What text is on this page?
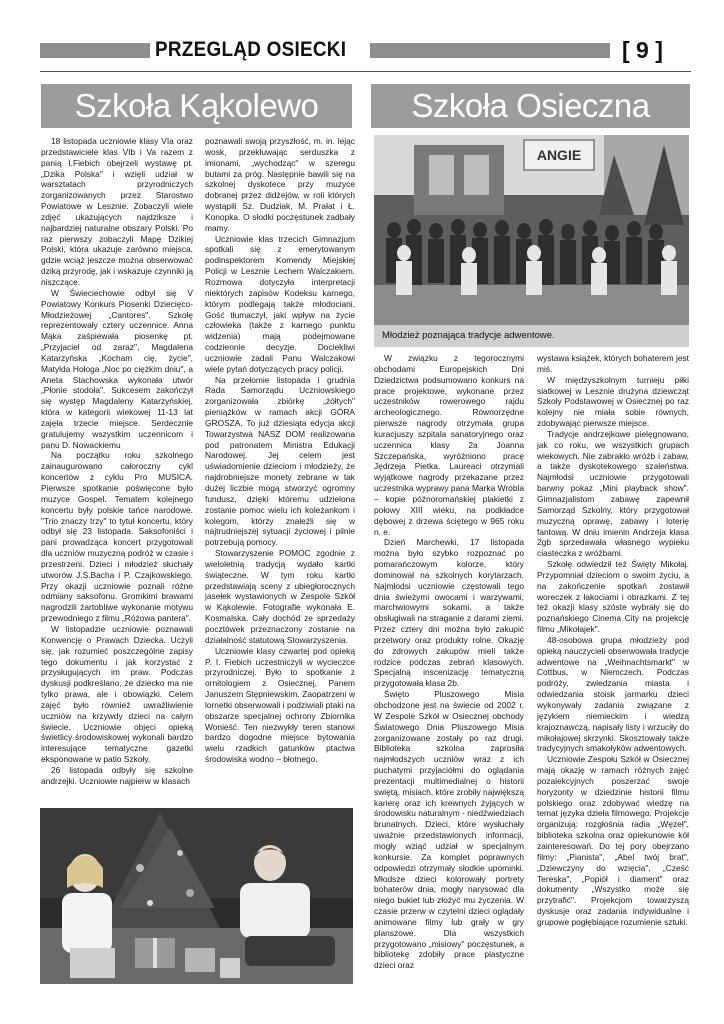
PRZEGLĄD OSIECKI	[ 9 ]
Szkoła Kąkolewo

18 listopada uczniowie klasy VIa oraz przedstawiciele klas VIb i Va razem z panią I.Fiebich obejrzeli wystawę pt. „Dzika Polska" i wzięli udział w warsztatach przyrodniczych zorganizowanych przez Starostwo Powiatowe w Lesznie. Zobaczyli wiele zdjęć ukazujących najdziksze i najbardziej naturalne obszary Polski. Po raz pierwszy zobaczyli Mapę Dzikiej Polski, która ukazuje zarówno miejsca, gdzie wciąż jeszcze można obserwować dziką przyrodę, jak i wskazuje czynniki ją niszczące.

W Świeciechowie odbył się V Powiatowy Konkurs Piosenki Dziecięco-Młodzieżowej „Cantores". Szkołę reprezentowały cztery uczennice. Anna Mąka zaśpiewała piosenkę pt. „Przyjaciel od zaraz", Magdalena Katarzyńska „Kocham cię, życie", Matylda Hołoga „Noc po ciężkim dniu", a Aneta Stachowska wykonała utwór „Płonie stodoła". Sukcesem zakończył się występ Magdaleny Katarzyńskiej, która w kategorii wiekowej 11-13 lat zajęła trzecie miejsce. Serdecznie gratulujemy wszystkim uczennicom i panu D. Nowackiemu

Na początku roku szkolnego zainaugurowano całoroczny cykl koncertów z cyklu Pro MUSICA. Pierwsze spotkanie poświęcone było muzyce Gospel. Tematem kolejnego koncertu były polskie tańce narodowe. "Trio znaczy trzy" to tytuł koncertu, który odbył się 23 listopada. Saksofoniści i pani prowadząca koncert przygotowali dla uczniów muzyczną podróż w czasie i przestrzeni. Dzieci i młodzież słuchały utworów J.S.Bacha i P. Czajkowskiego. Przy okazji uczniowie poznali różne odmiany saksofonu. Gromkimi brawami nagrodzili żartobliwe wykonanie motywu przewodniego z filmu „Różowa pantera".

W listopadzie uczniowie poznawali Konwencję o Prawach Dziecka. Uczyli się, jak rozumieć poszczególne zapisy tego dokumentu i jak korzystać z przysługujących im praw. Podczas dyskusji podkreślano, że dziecko ma nie tylko prawa, ale i obowiązki. Celem zajęć było również uwrażliwienie uczniów na krzywdy dzieci na całym świecie. Uczniowie objęci opieką świetlicy środowiskowej wykonali bardzo interesujące tematyczne gazetki eksponowane w patio Szkoły.

26 listopada odbyły się szkolne andrzejki. Uczniowie najpierw w klasach

poznawali swoją przyszłość, m. in. lejąc wosk, przekłuwając serduszka z imionami, „wychodząc" w szeregu butami za próg. Następnie bawili się na szkolnej dyskotece przy muzyce dobranej przez didżejów, w roli których wystąpili Sz. Dudziak, M. Prałat i Ł. Konopka. O słodki poczęstunek zadbały mamy.

Uczniowie klas trzecich Gimnazjum spotkali się z emerytowanym podinspektorem Komendy Miejskiej Policji w Lesznie Lechem Walczakiem. Rozmowa dotyczyła interpretacji niektórych zapisów Kodeksu karnego, którym podlegają także młodociani. Gość tłumaczył, jaki wpływ na życie człowieka (także z karnego punktu widzenia) mają podejmowane codziennie decyzje. Dociekliwi uczniowie zadali Panu Walczakowi wiele pytań dotyczących pracy policji.

Na przełomie listopada i grudnia Rada Samorządu Uczniowskiego zorganizowała zbiórkę „żółtych" pieniążków w ramach akcji GÓRA GROSZA. To już dziesiąta edycja akcji Towarzystwa NASZ DOM realizowana pod patronatem Ministra Edukacji Narodowej. Jej celem jest uświadomienie dzieciom i młodzieży, że najdrobniejsze monety zebrane w tak dużej liczbie mogą stworzyć ogromny fundusz, dzięki któremu udzielona zostanie pomoc wielu ich koleżankom i kolegom, którzy znaleźli się w najtrudniejszej sytuacji życiowej i pilnie potrzebują pomocy.

Stowarzyszenie POMOC zgodnie z wieloletnią tradycją wydało kartki świąteczne. W tym roku kartki przedstawiają sceny z ubiegłorocznych jasełek wystawionych w Zespole Szkół w Kąkolewie. Fotografie wykonała E. Kosmalska. Cały dochód ze sprzedaży pocztówek przeznaczony zostanie na działalność statutową Stowarzyszenia.

Uczniowie klasy czwartej pod opieką P. I. Fiebich uczestniczyli w wycieczce przyrodniczej. Było to spotkanie z ornitologiem z Osiecznej, Panem Januszem Stępniewskim. Zaopatrzeni w lornetki obserwowali i podziwiali ptaki na obszarze specjalnej ochrony Zbiornika Wonieść. Ten niezwykły teren stanowi bardzo dogodne miejsce bytowania wielu rzadkich gatunków ptactwa środowiska wodno – błotnego.

Szkoła Osieczna
ANGIE
Młodzież poznająca tradycje adwentowe.

W związku z tegorocznymi obchodami Europejskich Dni Dziedzictwa podsumowano konkurs na prace projektowe, wykonane przez uczestników rowerowego rajdu archeologicznego. Równorzędne pierwsze nagrody otrzymała grupa kuracjuszy szpitala sanatoryjnego oraz uczennica klasy 2a Joanna Szczepańska, wyróżniono pracę Jędrzeja Pietka. Laureaci otrzymali wyjątkowe nagrody przekazane przez uczestnika wyprawy pana Marka Wróbla – kopie późnoromańskiej plakietki z połowy XIII wieku, na podkładce dębowej z drzewa ściętego w 965 roku n. e.

Dzień Marchewki, 17 listopada można było szybko rozpoznać po pomarańczowym kolorze, który dominował na szkolnych korytarzach. Najmłodsi uczniowie częstowali tego dnia świeżymi owocami i warzywami, marchwiowymi sokami, a także obsługiwali na straganie z darami ziemi. Przez cztery dni można było zakupić przetwory oraz produkty rolne. Okazję do zdrowych zakupów mieli także rodzice podczas zebrań klasowych. Specjalną inscenizację tematyczną przygotowała klasa 2b.

Święto Pluszowego Misia obchodzone jest na świecie od 2002 r. W Zespole Szkół w Osiecznej obchody Światowego Dnia Pluszowego Misia zorganizowane zostały po raz drugi. Biblioteka szkolna zaprosiła najmłodszych uczniów wraz z ich puchatymi przyjaciółmi do oglądania prezentacji multimedialnej o historii swiętą, misiach, które zrobiły największą karierę oraz ich krewnych żyjących w środowisku naturalnym - niedźwiedziach brunatnych. Dzieci, które wysłuchały uważnie przedstawionych informacji, mogły wziąć udział w specjalnym konkursie. Za komplet poprawnych odpowiedzi otrzymały słodkie upominki. Młodsze dzieci kolorowały portrety bohaterów dnia, mogły narysować dla niego bukiet lub złożyć mu życzenia. W czasie przerw w czytelni dzieci oglądały animowane filmy lub grały w gry planszowe. Dla wszystkich przygotowano „misiowy" poczęstunek, a bibliotekę zdobiły prace plastyczne dzieci oraz

wystawa książek, których bohaterem jest miś.

W międzyszkolnym turnieju piłki siatkowej w Lesznie drużyna dziewcząt Szkoły Podstawowej w Osiecznej po raz kolejny nie miała sobie równych, zdobywając pierwsze miejsce.

Tradycje andrzejkowe pielęgnowano, jak co roku, we wszystkich grupach wiekowych. Nie zabrakło wróżb i zabaw, a także dyskotekowego szaleństwa. Najmłodsi uczniowie przygotowali barwny pokaz „Mini playback show". Gimnazjalistom zabawę zapewnił Samorząd Szkolny, który przygotował muzyczną oprawę, zabawy i loterię fantową. W dniu imienin Andrzeja klasa 2gb sprzedawała własnego wypieku ciasteczka z wróżbami.

Szkołę odwiedził też Święty Mikołaj. Przypomniał dzieciom o swoim życiu, a na zakończenie spotkań zostawił woreczek z łakociami i obrazkami. Z tej też okazji klasy szóste wybrały się do poznańskiego Cinema City na projekcję filmu „Mikołajek".

48-osobowa grupa młodzieży pod opieką nauczycieli obserwowała tradycje adwentowe na „Weihnachtsmarkt" w Cottbus, w Niemczech. Podczas podróży, zwiedzania miasta i odwiedzania stoisk jarmarku dzieci wykonywały zadania związane z językiem niemieckim i wiedzą krajoznawczą, napisały listy i wrzuciły do mikołajowej skrzynki. Skosztowały także tradycyjnych smakołyków adwentowych.

Uczniowie Zespołu Szkół w Osiecznej mają okazję w ramach różnych zajęć pozalekcyjnych poszerzać swoje horyzonty w dziedzinie historii filmu polskiego oraz zdobywać wiedzę na temat języka dzieła filmowego. Projekcje organizują: rozgłośnia radia „Węzeł", biblioteka szkolna oraz opiekunowie kół zainteresowań. Do tej pory obejrzano filmy: „Pianista", „Abel twój brat", „Dziewczyny do wzięcia", „Cześć Tereska", „Popiół i diament" oraz dokumenty „Wszystko może się przytrafić". Projekcjom towarzyszą dyskusje oraz zadania indywidualne i grupowe pogłębiające rozumienie sztuki.
